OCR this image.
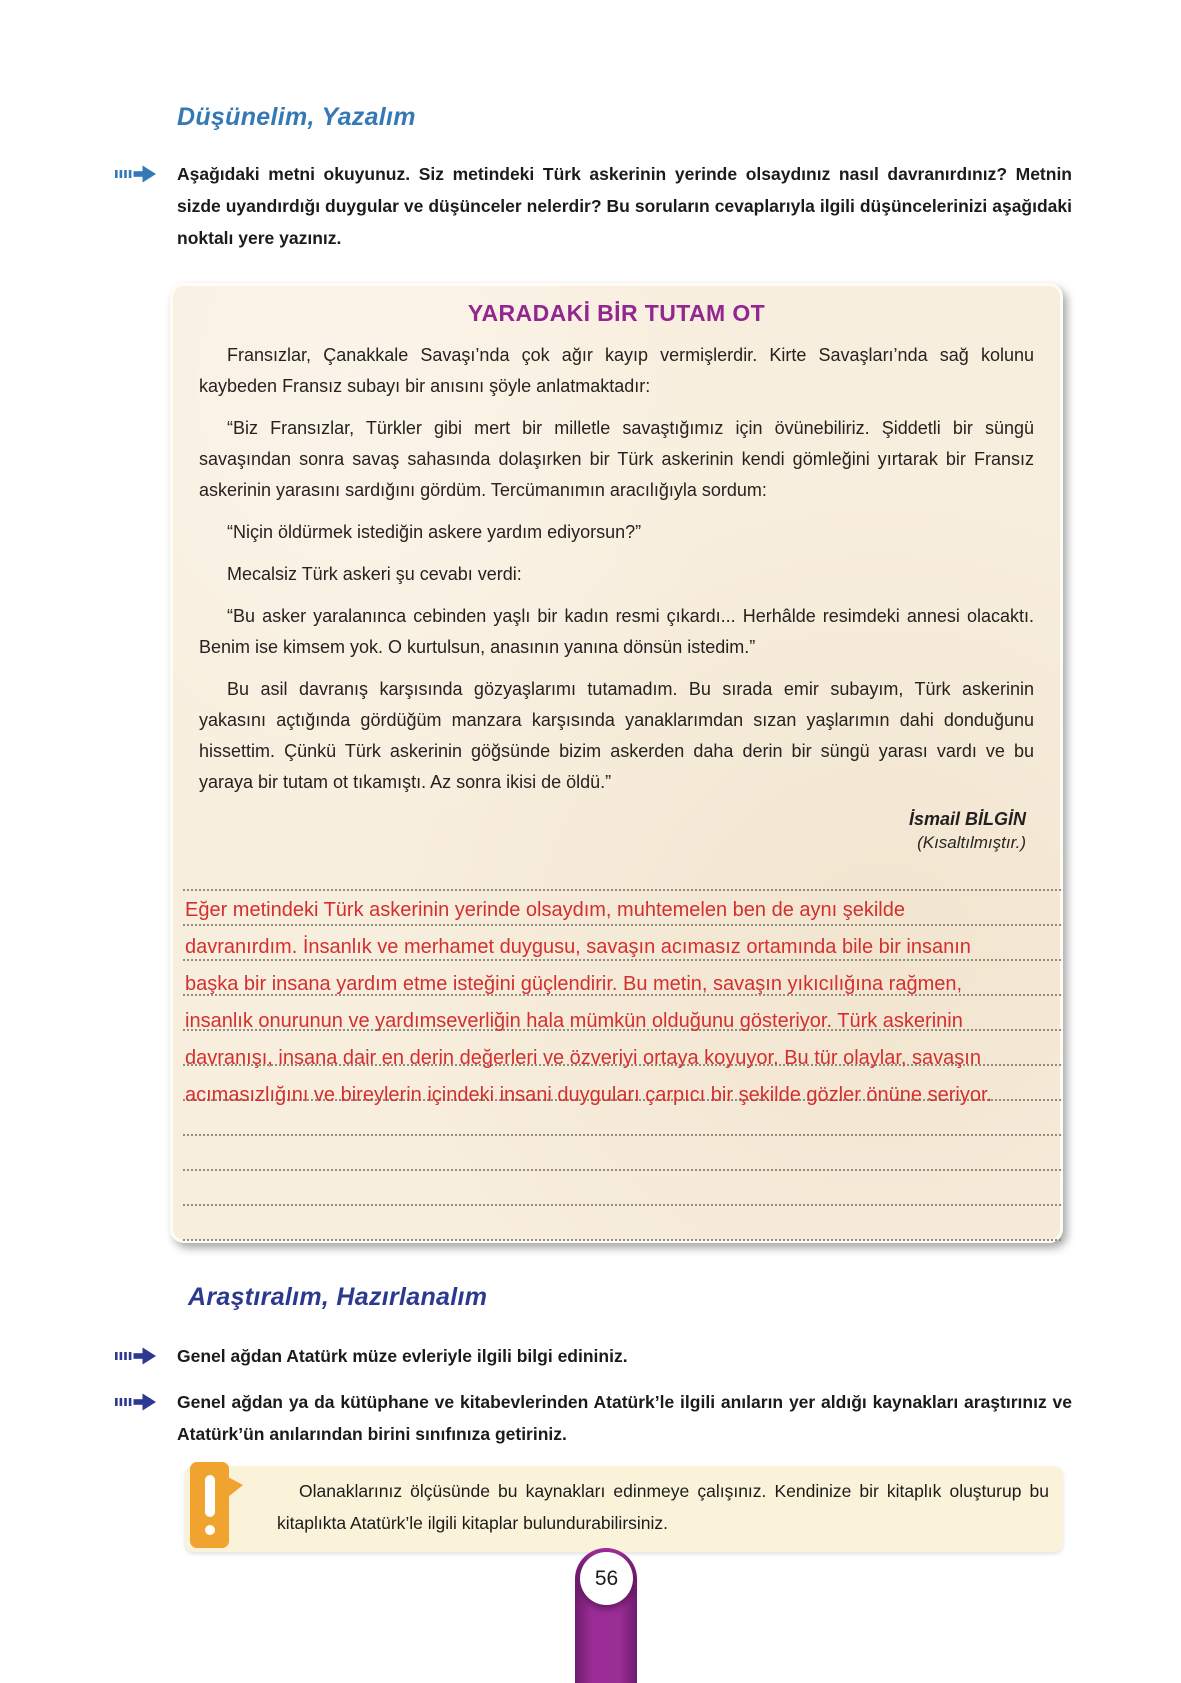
Düşünelim, Yazalım
Aşağıdaki metni okuyunuz. Siz metindeki Türk askerinin yerinde olsaydınız nasıl davranırdınız? Metnin sizde uyandırdığı duygular ve düşünceler nelerdir? Bu soruların cevaplarıyla ilgili düşüncelerinizi aşağıdaki noktalı yere yazınız.
YARADAKİ BİR TUTAM OT

Fransızlar, Çanakkale Savaşı’nda çok ağır kayıp vermişlerdir. Kirte Savaşları’nda sağ kolunu kaybeden Fransız subayı bir anısını şöyle anlatmaktadır:

“Biz Fransızlar, Türkler gibi mert bir milletle savaştığımız için övünebiliriz. Şiddetli bir süngü savaşından sonra savaş sahasında dolaşırken bir Türk askerinin kendi gömleğini yırtarak bir Fransız askerinin yarasını sardığını gördüm. Tercümanımın aracılığıyla sordum:

“Niçin öldürmek istediğin askere yardım ediyorsun?”

Mecalsiz Türk askeri şu cevabı verdi:

“Bu asker yaralanınca cebinden yaşlı bir kadın resmi çıkardı... Herhâlde resimdeki annesi olacaktı. Benim ise kimsem yok. O kurtulsun, anasının yanına dönsün istedim.”

Bu asil davranış karşısında gözyaşlarımı tutamadım. Bu sırada emir subayım, Türk askerinin yakasını açtığında gördüğüm manzara karşısında yanaklarımdan sızan yaşlarımın dahi donduğunu hissettim. Çünkü Türk askerinin göğsünde bizim askerden daha derin bir süngü yarası vardı ve bu yaraya bir tutam ot tıkamıştı. Az sonra ikisi de öldü.”

İsmail BİLGİN
(Kısaltılmıştır.)
Eğer metindeki Türk askerinin yerinde olsaydım, muhtemelen ben de aynı şekilde
davranırdım. İnsanlık ve merhamet duygusu, savaşın acımasız ortamında bile bir insanın
başka bir insana yardım etme isteğini güçlendirir. Bu metin, savaşın yıkıcılığına rağmen,
insanlık onurunun ve yardımseverliğin hala mümkün olduğunu gösteriyor. Türk askerinin
davranışı, insana dair en derin değerleri ve özveriyi ortaya koyuyor. Bu tür olaylar, savaşın
acımasızlığını ve bireylerin içindeki insani duyguları çarpıcı bir şekilde gözler önüne seriyor.
Araştıralım, Hazırlanalım
Genel ağdan Atatürk müze evleriyle ilgili bilgi edininiz.
Genel ağdan ya da kütüphane ve kitabevlerinden Atatürk’le ilgili anıların yer aldığı kaynakları araştırınız ve Atatürk’ün anılarından birini sınıfınıza getiriniz.
Olanaklarınız ölçüsünde bu kaynakları edinmeye çalışınız. Kendinize bir kitaplık oluşturup bu kitaplıkta Atatürk’le ilgili kitaplar bulundurabilirsiniz.
56
